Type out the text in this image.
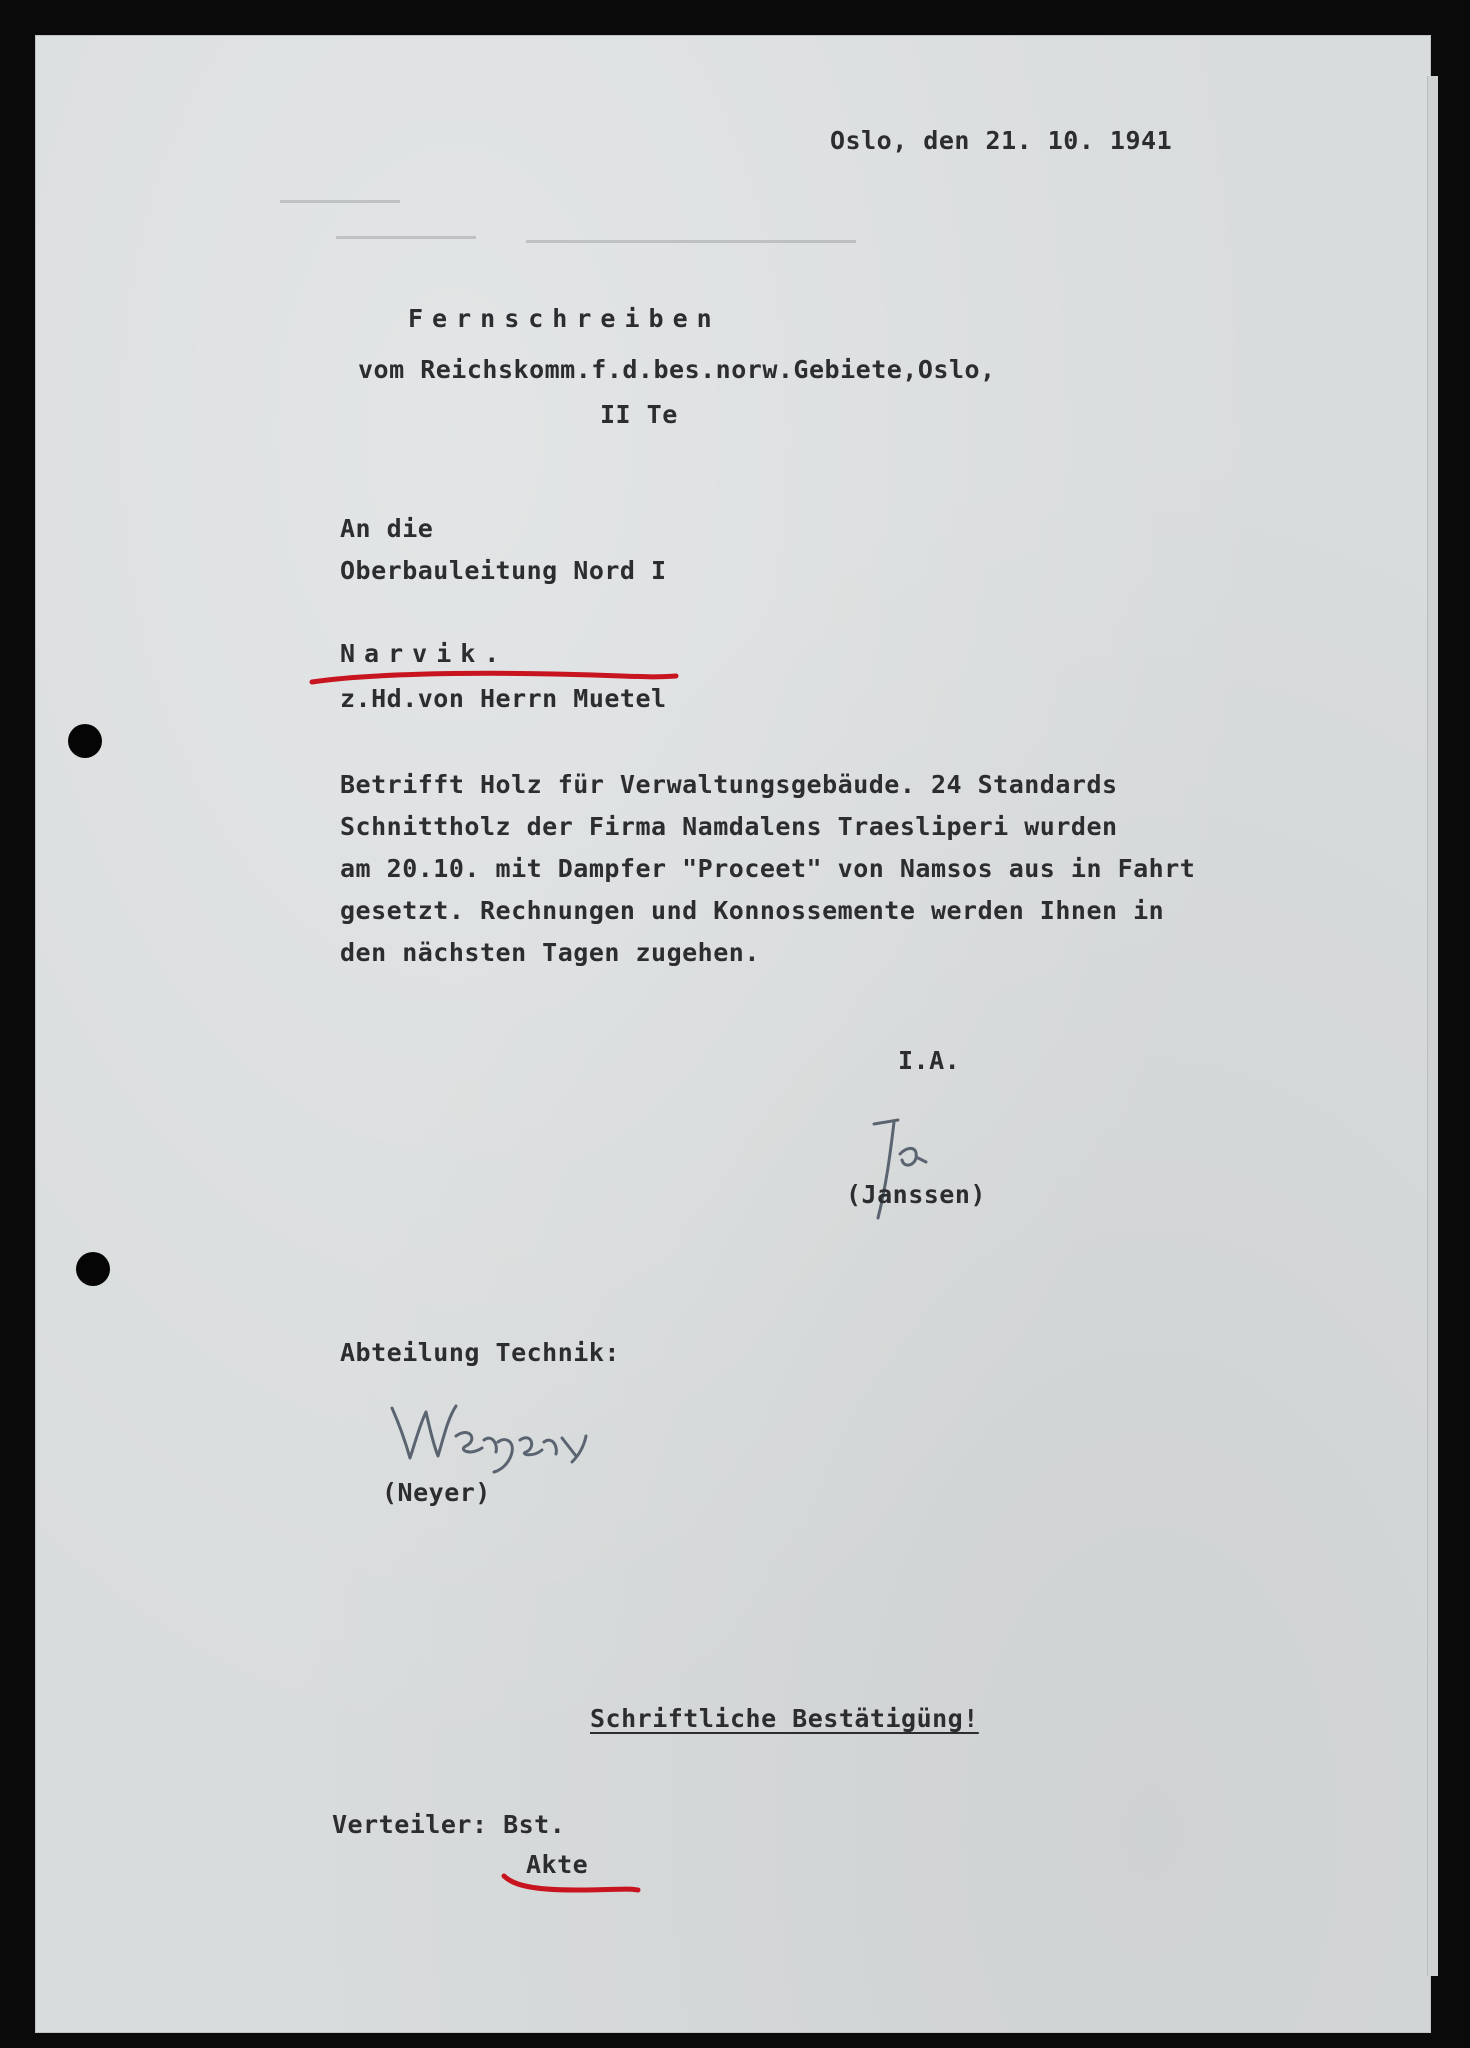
Oslo, den 21. 10. 1941
Fernschreiben
vom Reichskomm.f.d.bes.norw.Gebiete,Oslo,
II Te
An die
Oberbauleitung Nord I
Narvik.
z.Hd.von Herrn Muetel
Betrifft Holz für Verwaltungsgebäude. 24 Standards
Schnittholz der Firma Namdalens Traesliperi wurden
am 20.10. mit Dampfer "Proceet" von Namsos aus in Fahrt
gesetzt. Rechnungen und Konnossemente werden Ihnen in
den nächsten Tagen zugehen.
I.A.
(Janssen)
Abteilung Technik:
(Neyer)
Schriftliche Bestätigüng!
Verteiler: Bst.
Akte
